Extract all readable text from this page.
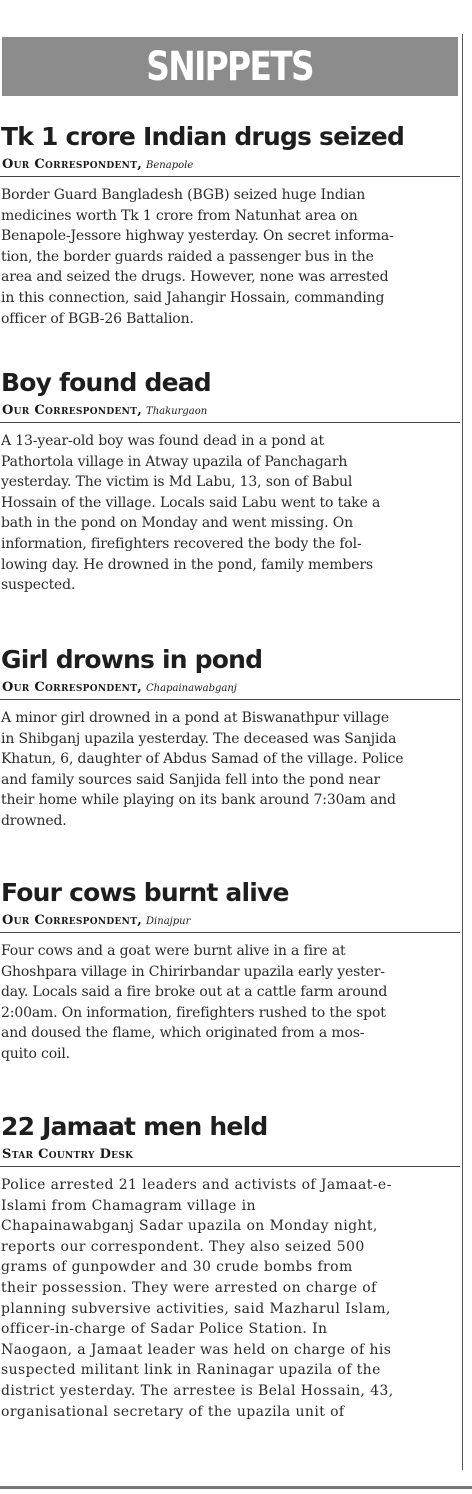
SNIPPETS
Tk 1 crore Indian drugs seized
Our Correspondent, Benapole
Border Guard Bangladesh (BGB) seized huge Indian
medicines worth Tk 1 crore from Natunhat area on
Benapole-Jessore highway yesterday. On secret informa-
tion, the border guards raided a passenger bus in the
area and seized the drugs. However, none was arrested
in this connection, said Jahangir Hossain, commanding
officer of BGB-26 Battalion.
Boy found dead
Our Correspondent, Thakurgaon
A 13-year-old boy was found dead in a pond at
Pathortola village in Atway upazila of Panchagarh
yesterday. The victim is Md Labu, 13, son of Babul
Hossain of the village. Locals said Labu went to take a
bath in the pond on Monday and went missing. On
information, firefighters recovered the body the fol-
lowing day. He drowned in the pond, family members
suspected.
Girl drowns in pond
Our Correspondent, Chapainawabganj
A minor girl drowned in a pond at Biswanathpur village
in Shibganj upazila yesterday. The deceased was Sanjida
Khatun, 6, daughter of Abdus Samad of the village. Police
and family sources said Sanjida fell into the pond near
their home while playing on its bank around 7:30am and
drowned.
Four cows burnt alive
Our Correspondent, Dinajpur
Four cows and a goat were burnt alive in a fire at
Ghoshpara village in Chirirbandar upazila early yester-
day. Locals said a fire broke out at a cattle farm around
2:00am. On information, firefighters rushed to the spot
and doused the flame, which originated from a mos-
quito coil.
22 Jamaat men held
Star Country Desk
Police arrested 21 leaders and activists of Jamaat-e-
Islami from Chamagram village in
Chapainawabganj Sadar upazila on Monday night,
reports our correspondent. They also seized 500
grams of gunpowder and 30 crude bombs from
their possession. They were arrested on charge of
planning subversive activities, said Mazharul Islam,
officer-in-charge of Sadar Police Station. In
Naogaon, a Jamaat leader was held on charge of his
suspected militant link in Raninagar upazila of the
district yesterday. The arrestee is Belal Hossain, 43,
organisational secretary of the upazila unit of
